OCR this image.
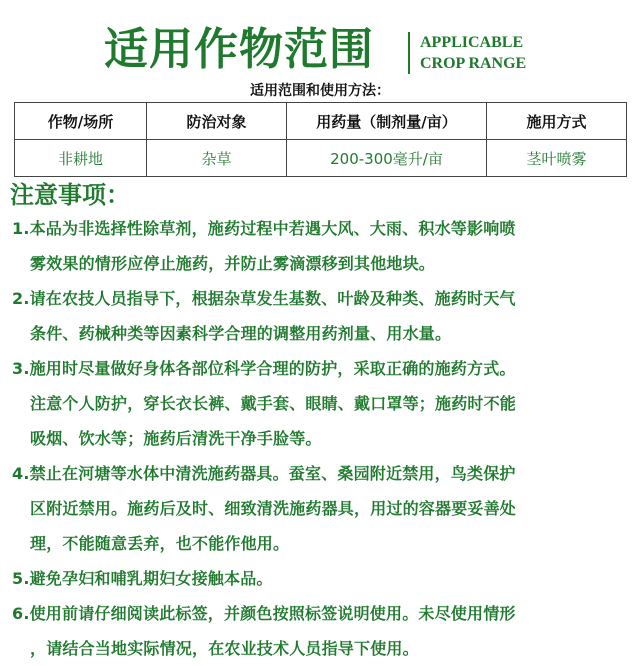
适用作物范围	APPLICABLE
CROP RANGE
适用范围和使用方法：
作物/场所	防治对象	用药量（制剂量/亩）	施用方式
非耕地	杂草	200-300毫升/亩	茎叶喷雾
注意事项：
1.本品为非选择性除草剂，施药过程中若遇大风、大雨、积水等影响喷
雾效果的情形应停止施药，并防止雾滴漂移到其他地块。
2.请在农技人员指导下，根据杂草发生基数、叶龄及种类、施药时天气
条件、药械种类等因素科学合理的调整用药剂量、用水量。
3.施用时尽量做好身体各部位科学合理的防护，采取正确的施药方式。
注意个人防护，穿长衣长裤、戴手套、眼睛、戴口罩等；施药时不能
吸烟、饮水等；施药后清洗干净手脸等。
4.禁止在河塘等水体中清洗施药器具。蚕室、桑园附近禁用，鸟类保护
区附近禁用。施药后及时、细致清洗施药器具，用过的容器要妥善处
理，不能随意丢弃，也不能作他用。
5.避免孕妇和哺乳期妇女接触本品。
6.使用前请仔细阅读此标签，并颜色按照标签说明使用。未尽使用情形
，请结合当地实际情况，在农业技术人员指导下使用。
